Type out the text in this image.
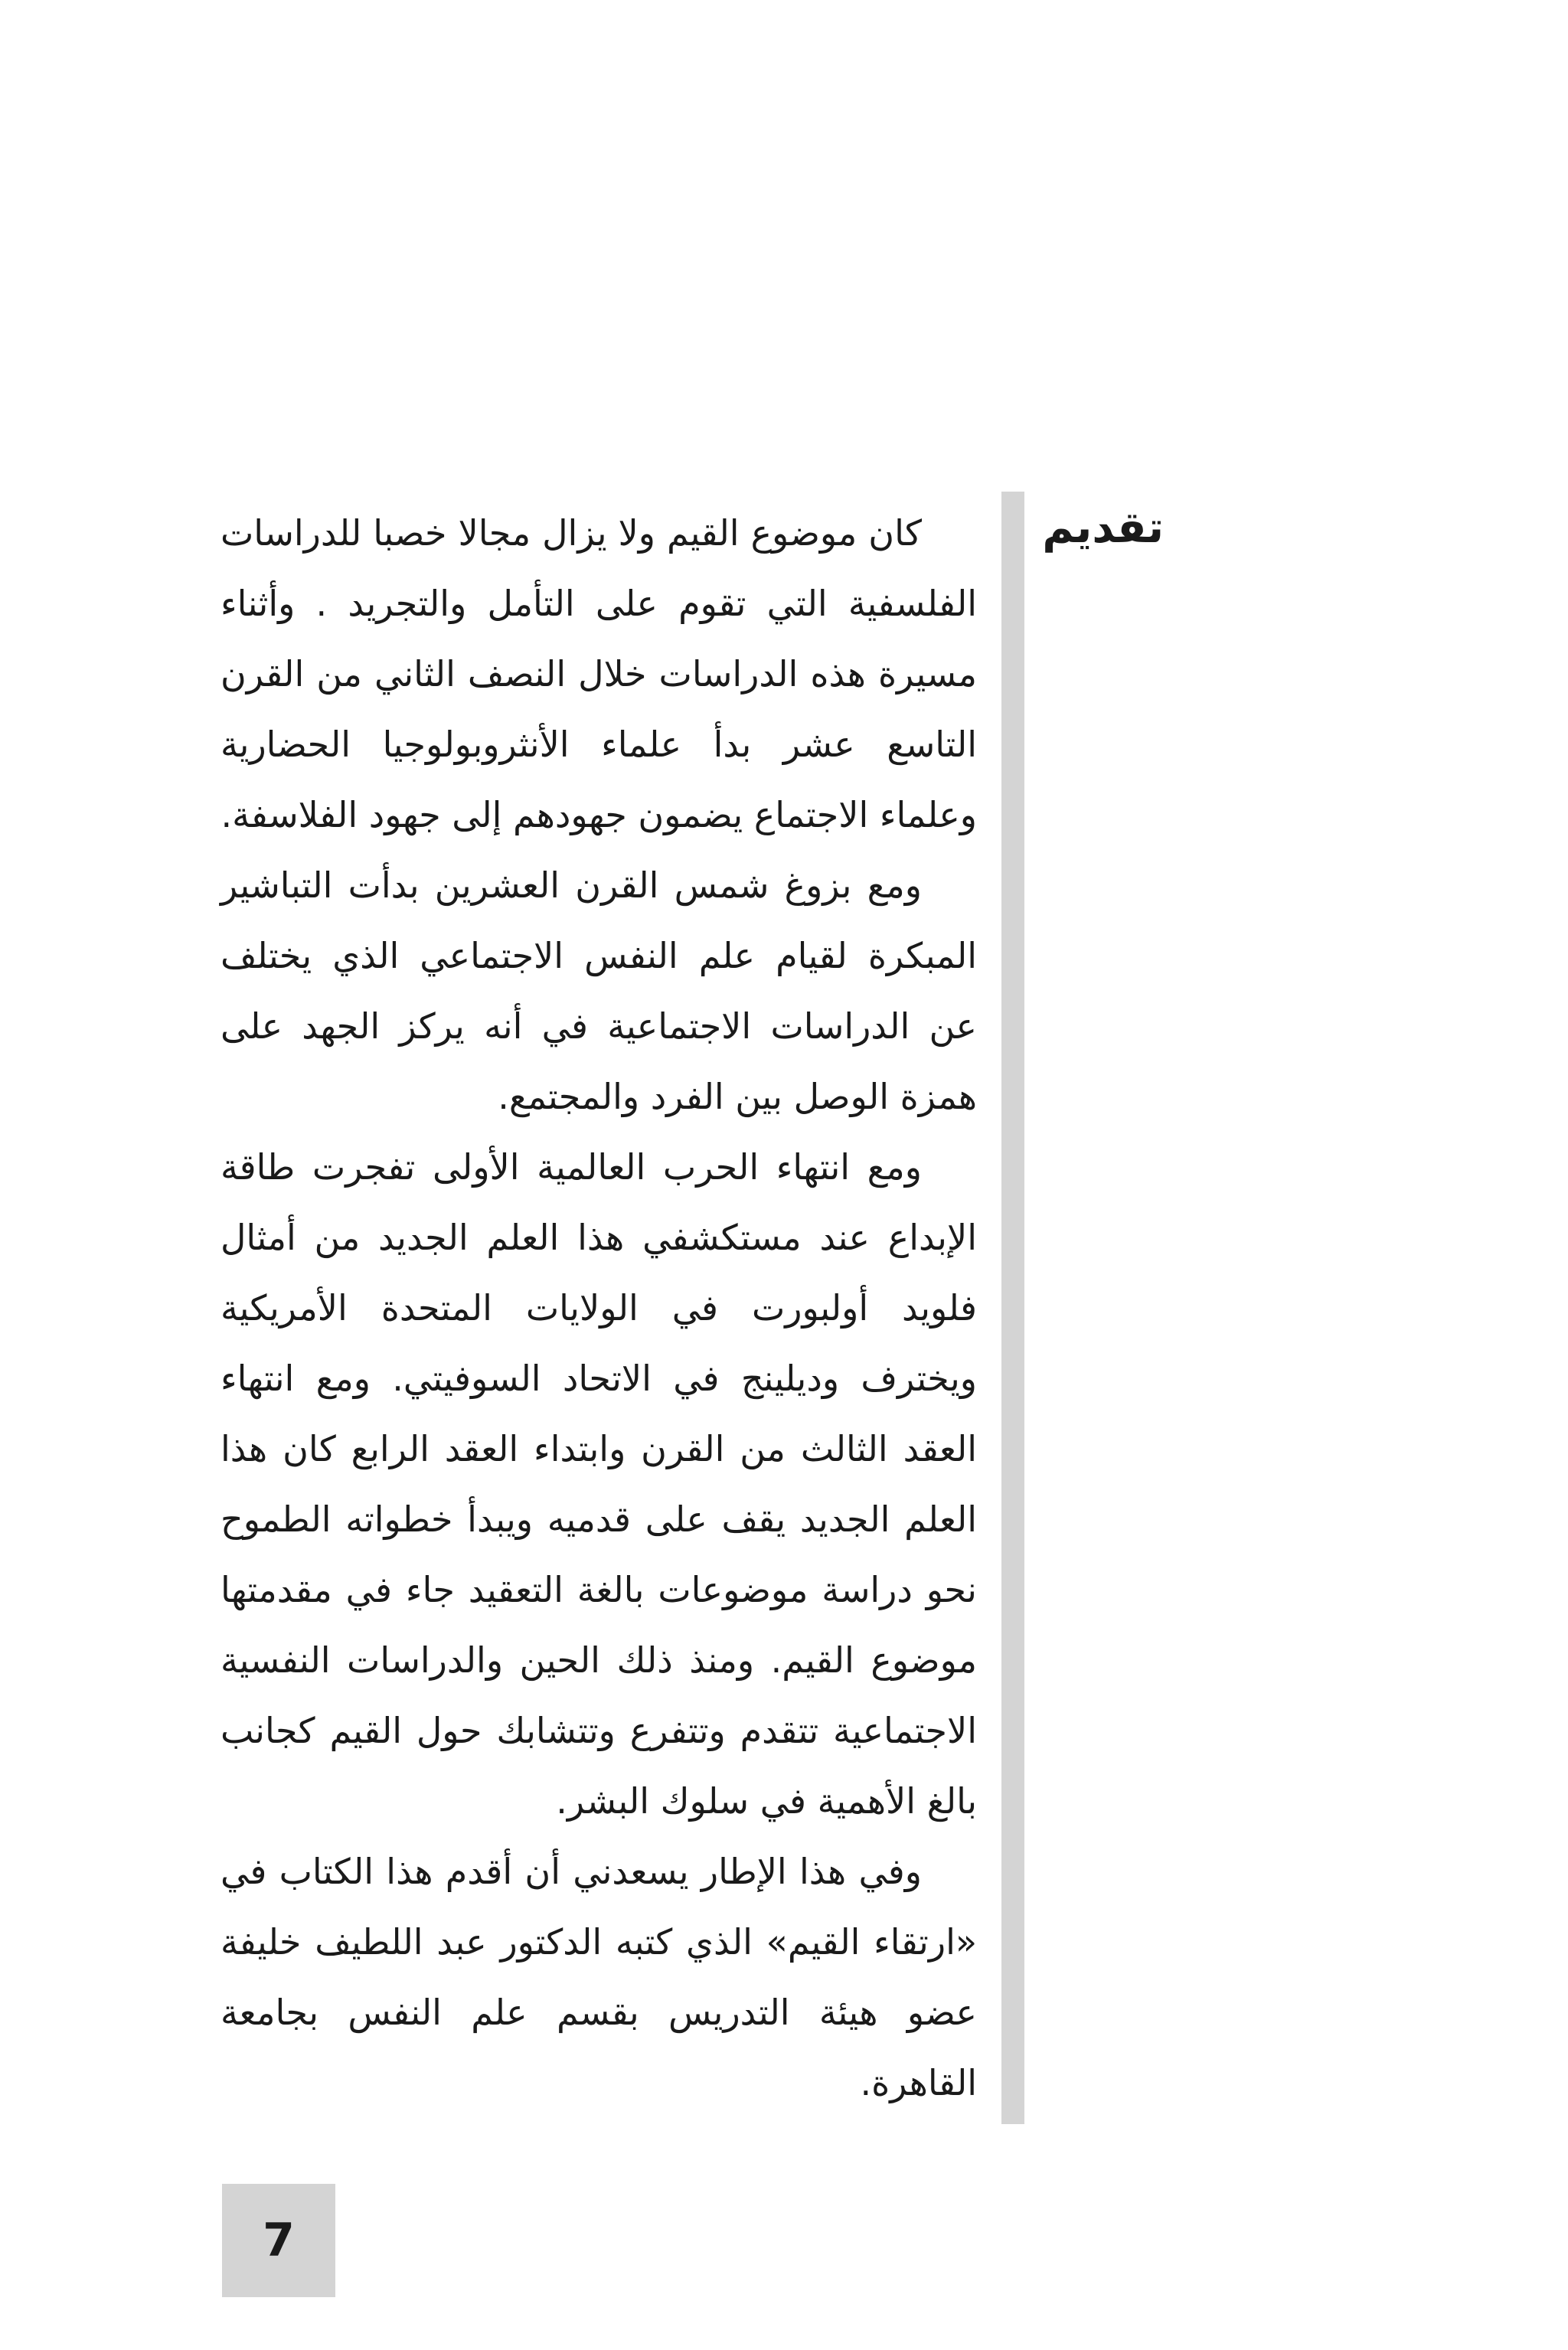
تقديم

كان موضوع القيم ولا يزال مجالا خصبا للدراسات الفلسفية التي تقوم على التأمل والتجريد . وأثناء مسيرة هذه الدراسات خلال النصف الثاني من القرن التاسع عشر بدأ علماء الأنثروبولوجيا الحضارية وعلماء الاجتماع يضمون جهودهم إلى جهود الفلاسفة.

ومع بزوغ شمس القرن العشرين بدأت التباشير المبكرة لقيام علم النفس الاجتماعي الذي يختلف عن الدراسات الاجتماعية في أنه يركز الجهد على همزة الوصل بين الفرد والمجتمع.

ومع انتهاء الحرب العالمية الأولى تفجرت طاقة الإبداع عند مستكشفي هذا العلم الجديد من أمثال فلويد أولبورت في الولايات المتحدة الأمريكية ويخترف وديلينج في الاتحاد السوفيتي. ومع انتهاء العقد الثالث من القرن وابتداء العقد الرابع كان هذا العلم الجديد يقف على قدميه ويبدأ خطواته الطموح نحو دراسة موضوعات بالغة التعقيد جاء في مقدمتها موضوع القيم. ومنذ ذلك الحين والدراسات النفسية الاجتماعية تتقدم وتتفرع وتتشابك حول القيم كجانب بالغ الأهمية في سلوك البشر.

وفي هذا الإطار يسعدني أن أقدم هذا الكتاب في «ارتقاء القيم» الذي كتبه الدكتور عبد اللطيف خليفة عضو هيئة التدريس بقسم علم النفس بجامعة القاهرة.

7
